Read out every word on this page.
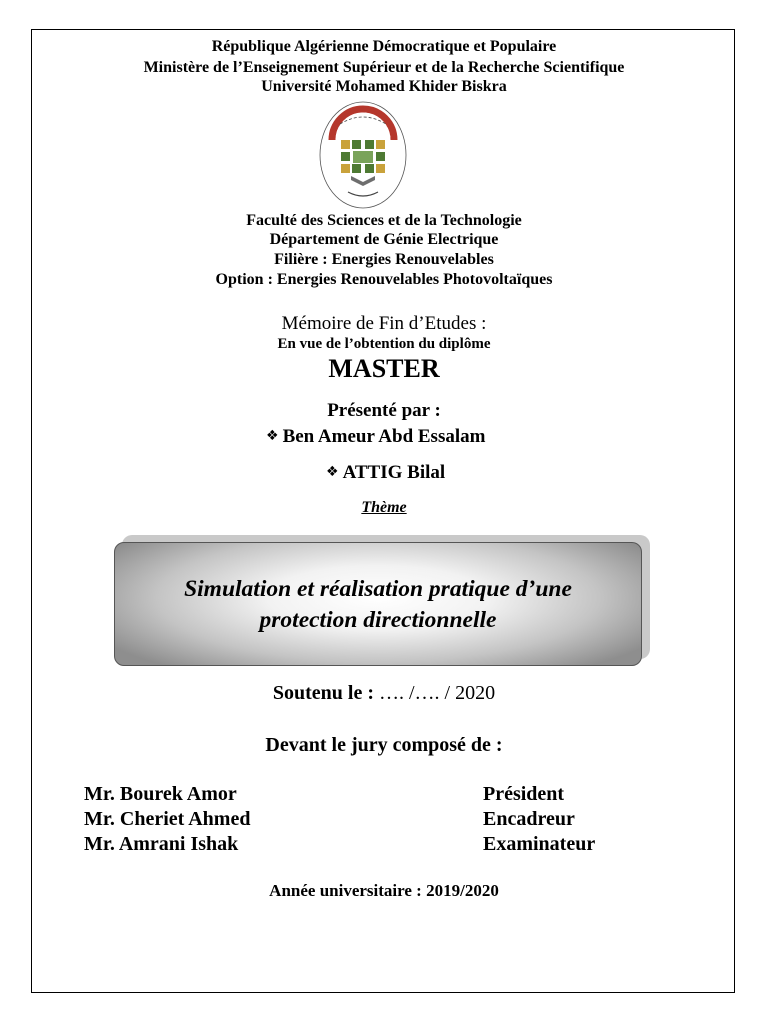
République Algérienne Démocratique et Populaire
Ministère de l’Enseignement Supérieur et de la Recherche Scientifique
Université Mohamed Khider Biskra
Faculté des Sciences et de la Technologie
Département de Génie Electrique
Filière : Energies Renouvelables
Option : Energies Renouvelables Photovoltaïques
Mémoire de Fin d’Etudes :
En vue de l’obtention du diplôme
MASTER
Présenté par :
❖ Ben Ameur Abd Essalam
❖ ATTIG Bilal
Thème
Simulation et réalisation pratique d’une
protection directionnelle
Soutenu le : …. /…. / 2020
Devant le jury composé de :
Mr. Bourek Amor	Président
Mr. Cheriet Ahmed	Encadreur
Mr. Amrani Ishak	Examinateur
Année universitaire : 2019/2020
